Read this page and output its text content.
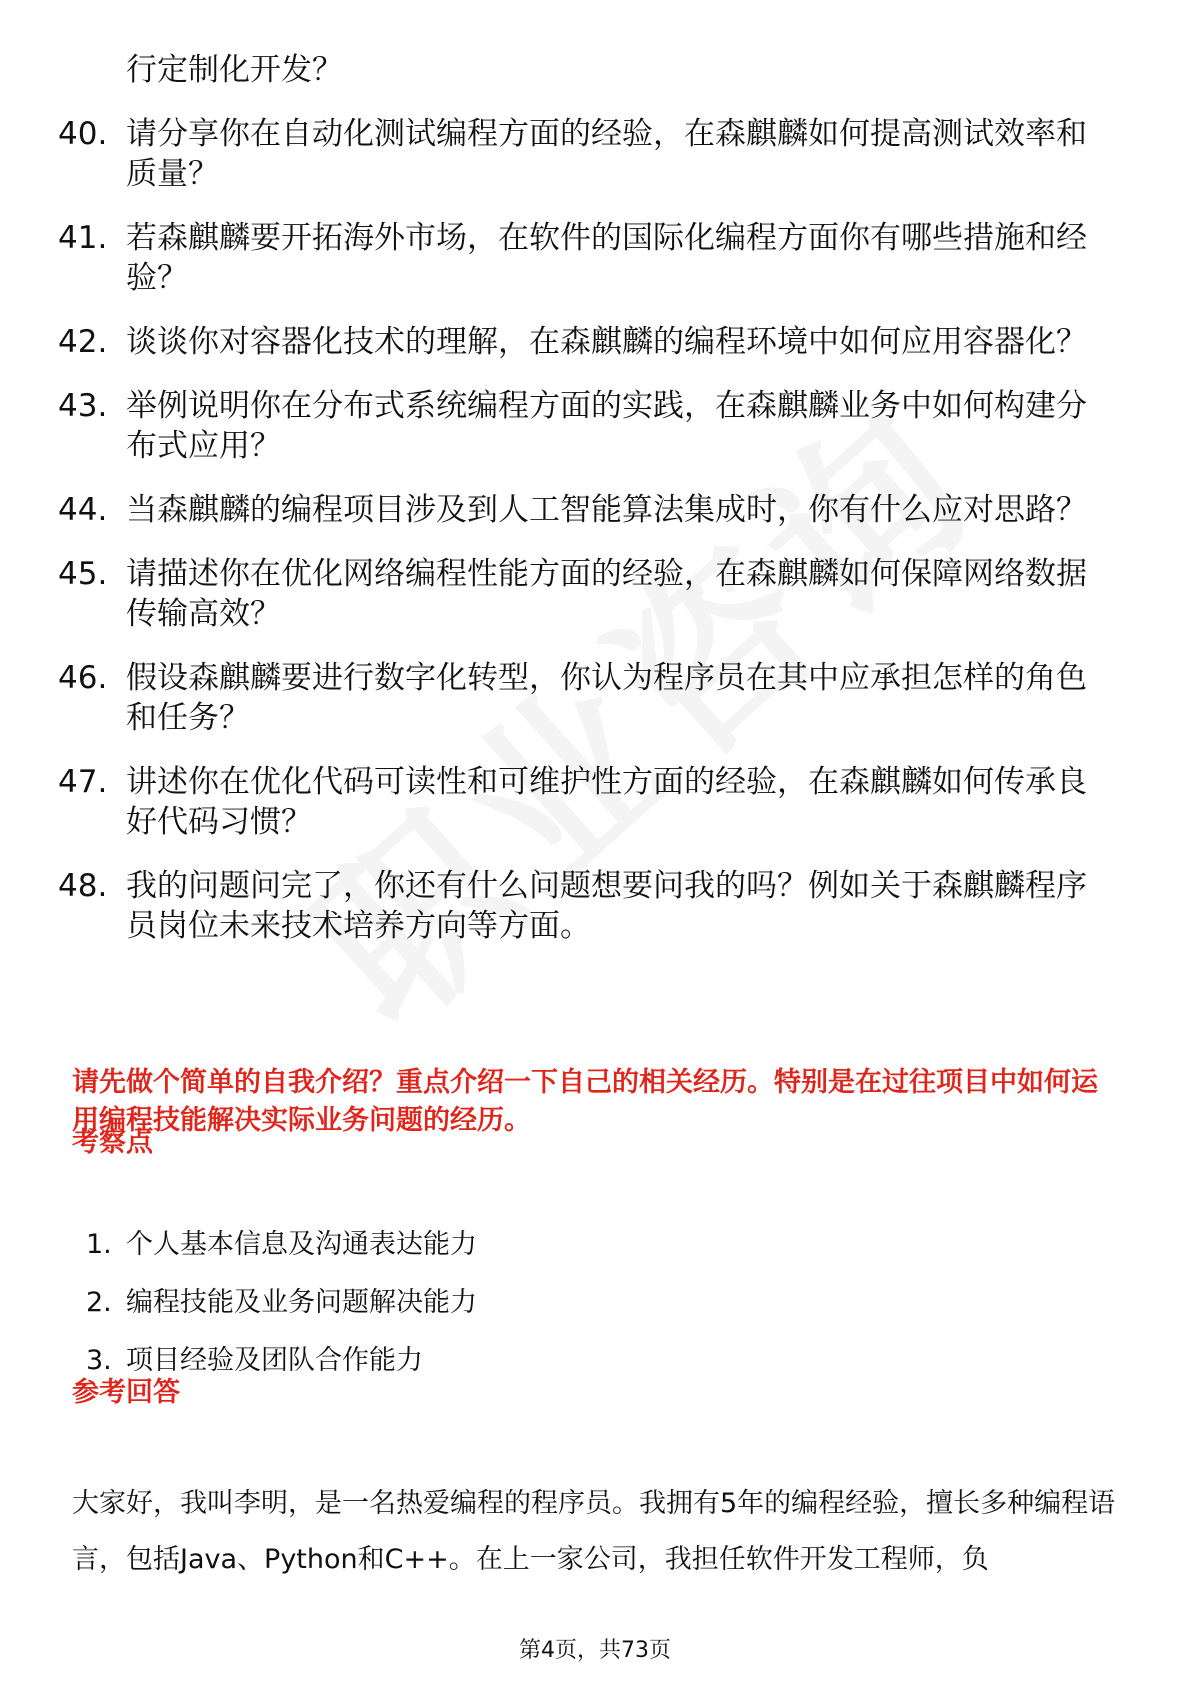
行定制化开发？
40. 请分享你在自动化测试编程方面的经验，在森麒麟如何提高测试效率和质量？
41. 若森麒麟要开拓海外市场，在软件的国际化编程方面你有哪些措施和经验？
42. 谈谈你对容器化技术的理解，在森麒麟的编程环境中如何应用容器化？
43. 举例说明你在分布式系统编程方面的实践，在森麒麟业务中如何构建分布式应用？
44. 当森麒麟的编程项目涉及到人工智能算法集成时，你有什么应对思路？
45. 请描述你在优化网络编程性能方面的经验，在森麒麟如何保障网络数据传输高效？
46. 假设森麒麟要进行数字化转型，你认为程序员在其中应承担怎样的角色和任务？
47. 讲述你在优化代码可读性和可维护性方面的经验，在森麒麟如何传承良好代码习惯？
48. 我的问题问完了，你还有什么问题想要问我的吗？例如关于森麒麟程序员岗位未来技术培养方向等方面。
请先做个简单的自我介绍？重点介绍一下自己的相关经历。特别是在过往项目中如何运用编程技能解决实际业务问题的经历。
考察点
1. 个人基本信息及沟通表达能力
2. 编程技能及业务问题解决能力
3. 项目经验及团队合作能力
参考回答
大家好，我叫李明，是一名热爱编程的程序员。我拥有5年的编程经验，擅长多种编程语言，包括Java、Python和C++。在上一家公司，我担任软件开发工程师，负
第4页，共73页
